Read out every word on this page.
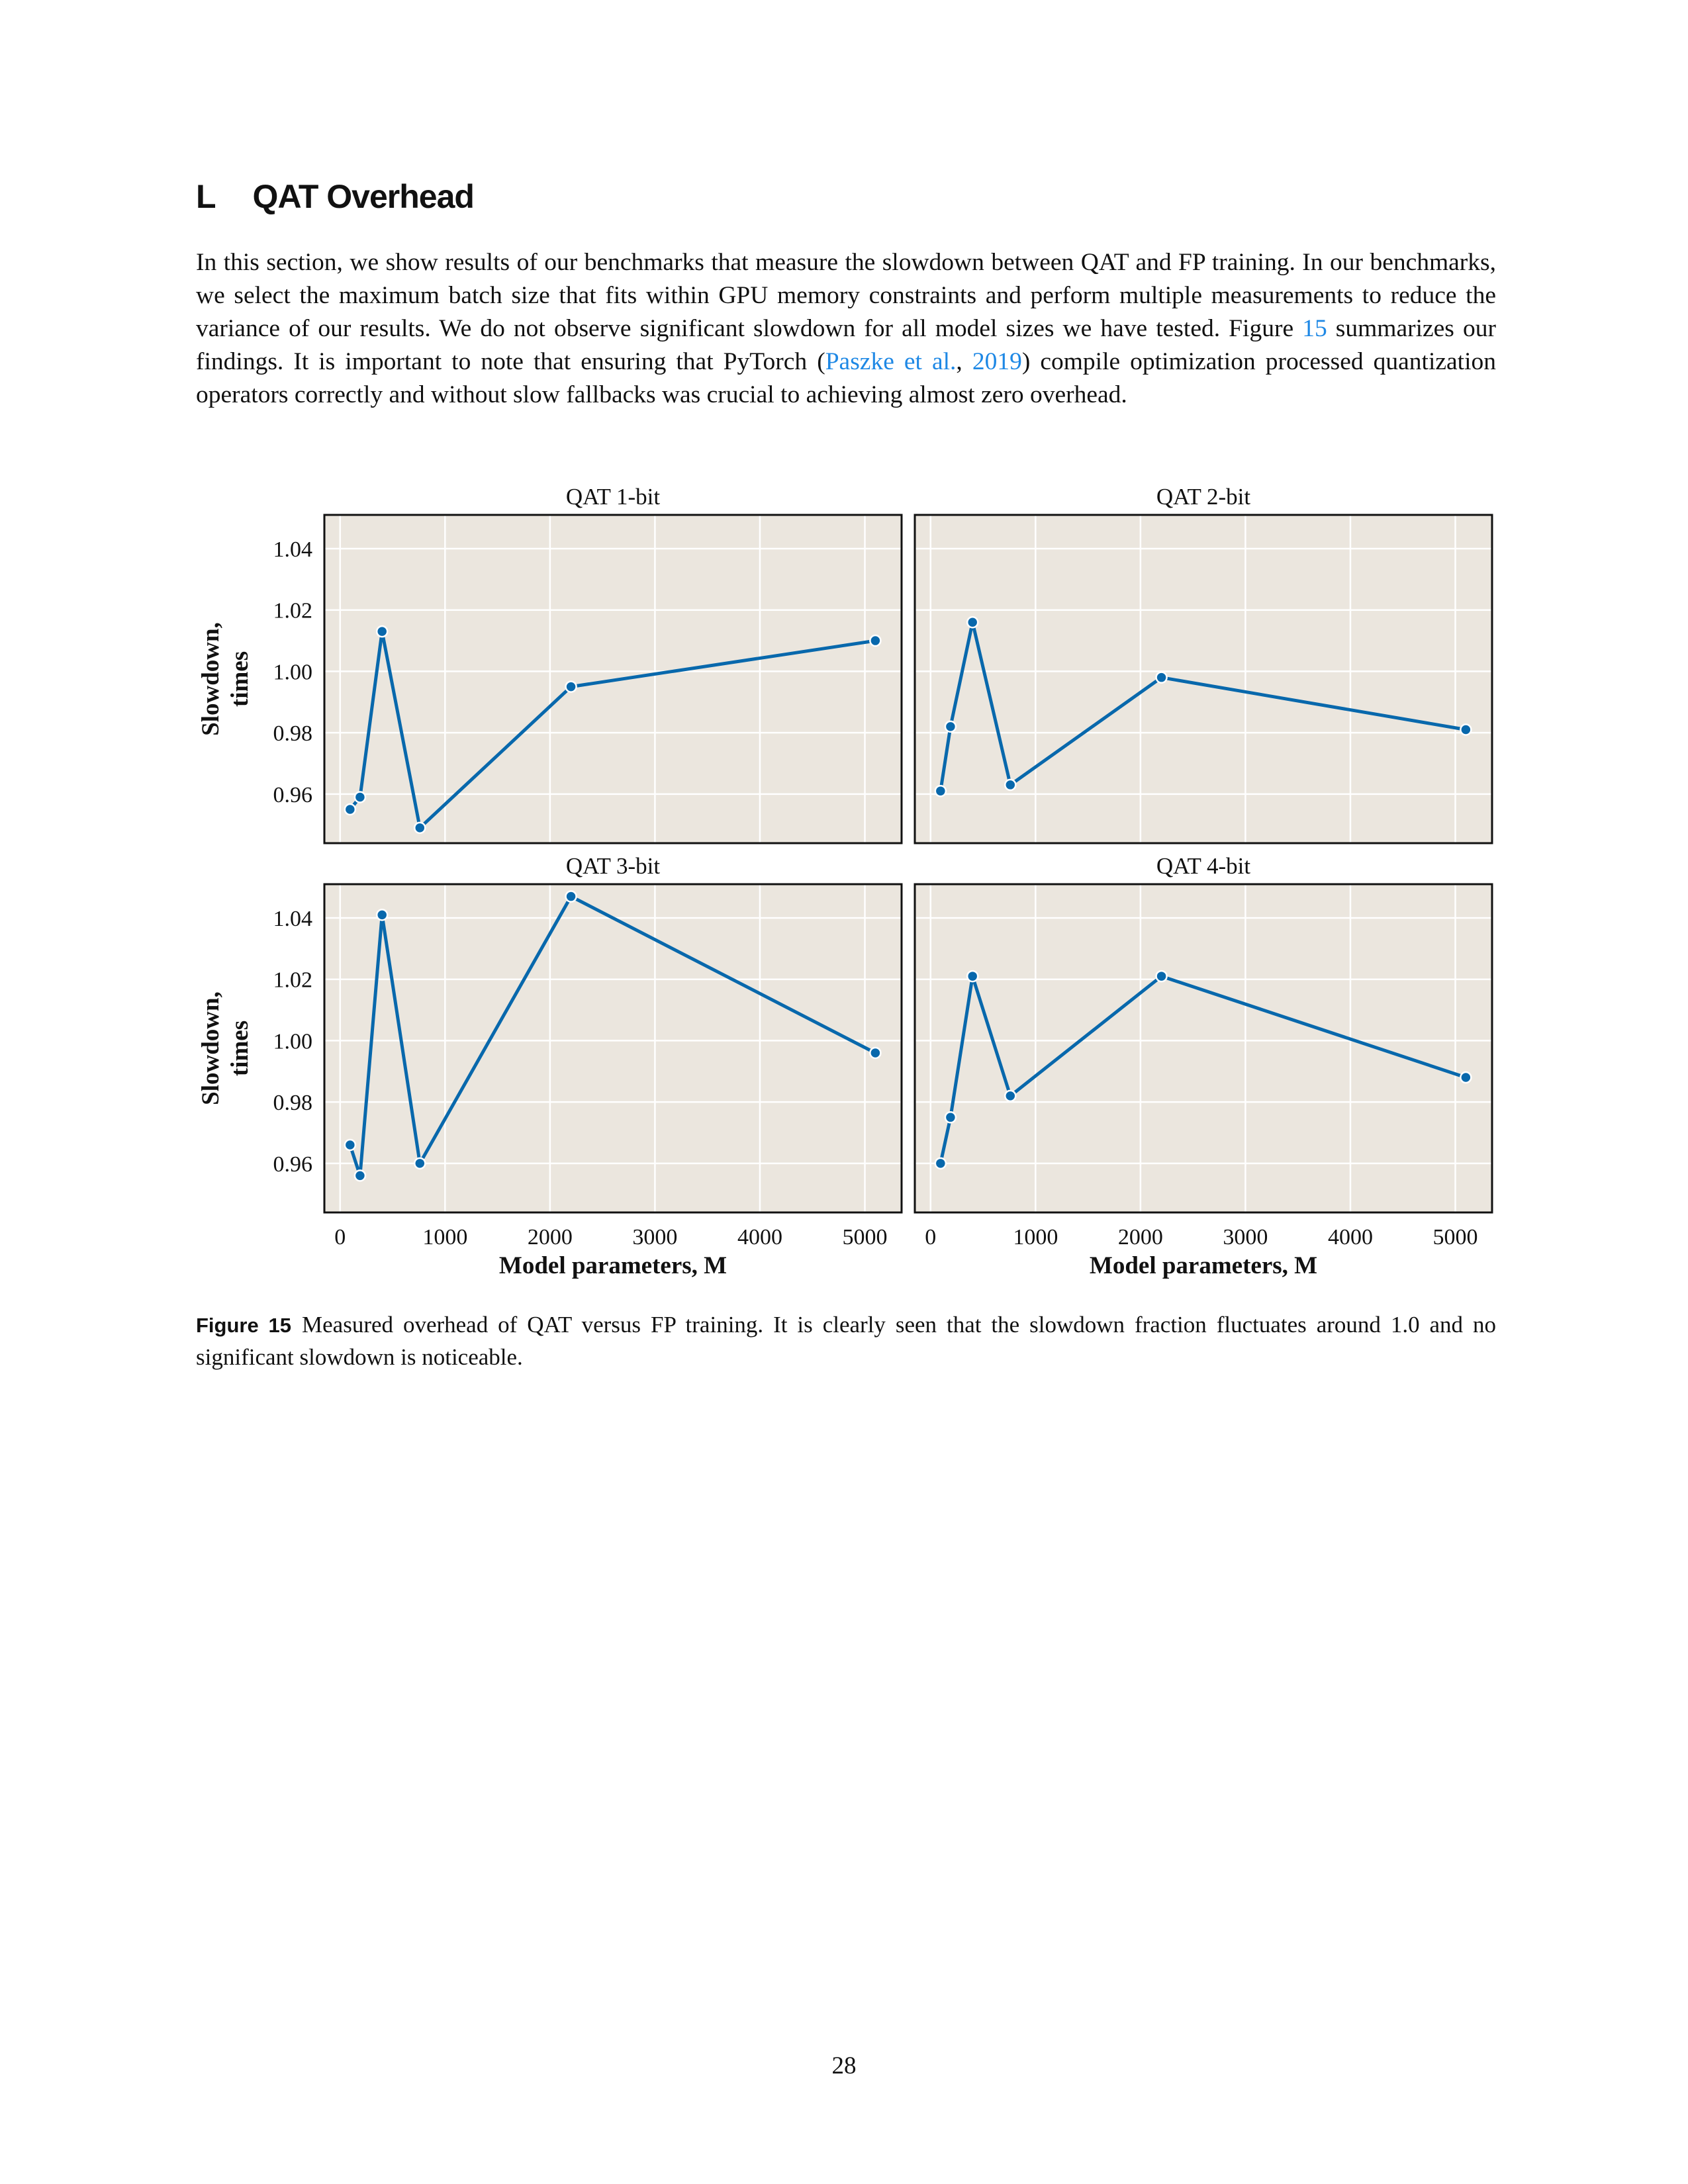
L QAT Overhead

In this section, we show results of our benchmarks that measure the slowdown between QAT and FP training. In our benchmarks, we select the maximum batch size that fits within GPU memory constraints and perform multiple measurements to reduce the variance of our results. We do not observe significant slowdown for all model sizes we have tested. Figure 15 summarizes our findings. It is important to note that ensuring that PyTorch (Paszke et al., 2019) compile optimization processed quantization operators correctly and without slow fallbacks was crucial to achieving almost zero overhead.

QAT 1-bit
0.96
0.98
1.00
1.02
1.04
Slowdown, times
QAT 2-bit
QAT 3-bit
0.96
0.98
1.00
1.02
1.04
Slowdown, times
0	1000	2000	3000	4000	5000
Model parameters, M
QAT 4-bit
0	1000	2000	3000	4000	5000
Model parameters, M

Figure 15 Measured overhead of QAT versus FP training. It is clearly seen that the slowdown fraction fluctuates around 1.0 and no significant slowdown is noticeable.

28
